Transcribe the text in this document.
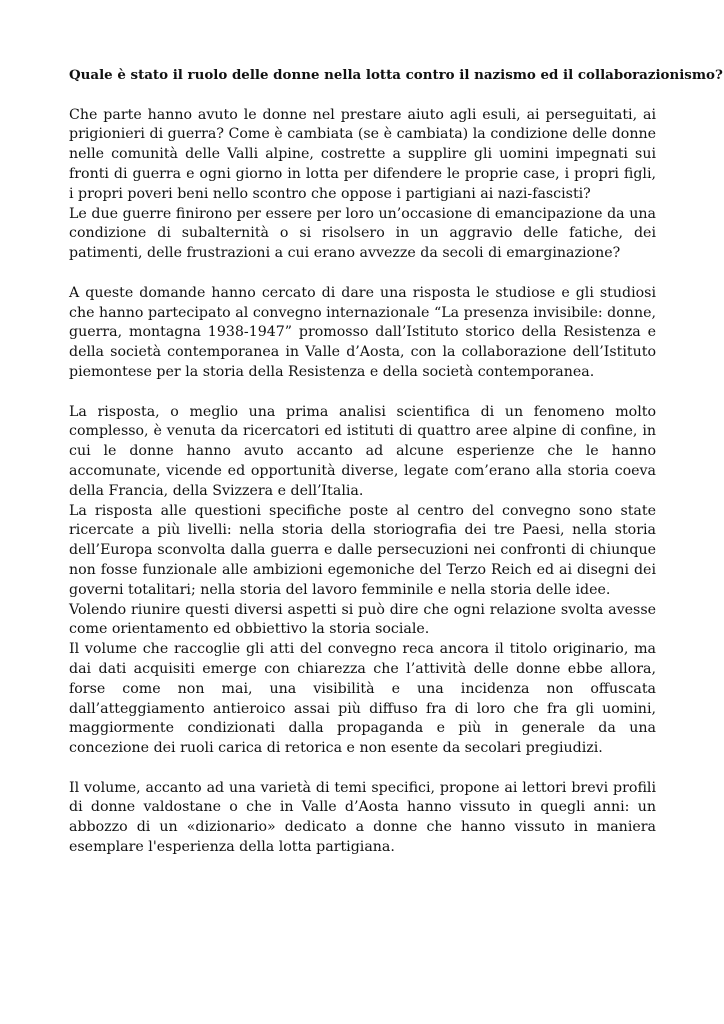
Quale è stato il ruolo delle donne nella lotta contro il nazismo ed il collaborazionismo?

Che parte hanno avuto le donne nel prestare aiuto agli esuli, ai perseguitati, ai prigionieri di guerra? Come è cambiata (se è cambiata) la condizione delle donne nelle comunità delle Valli alpine, costrette a supplire gli uomini impegnati sui fronti di guerra e ogni giorno in lotta per difendere le proprie case, i propri figli, i propri poveri beni nello scontro che oppose i partigiani ai nazi-fascisti?

Le due guerre finirono per essere per loro un’occasione di emancipazione da una condizione di subalternità o si risolsero in un aggravio delle fatiche, dei patimenti, delle frustrazioni a cui erano avvezze da secoli di emarginazione?

A queste domande hanno cercato di dare una risposta le studiose e gli studiosi che hanno partecipato al convegno internazionale “La presenza invisibile: donne, guerra, montagna 1938-1947” promosso dall’Istituto storico della Resistenza e della società contemporanea in Valle d’Aosta, con la collaborazione dell’Istituto piemontese per la storia della Resistenza e della società contemporanea.

La risposta, o meglio una prima analisi scientifica di un fenomeno molto complesso, è venuta da ricercatori ed istituti di quattro aree alpine di confine, in cui le donne hanno avuto accanto ad alcune esperienze che le hanno accomunate, vicende ed opportunità diverse, legate com’erano alla storia coeva della Francia, della Svizzera e dell’Italia.

La risposta alle questioni specifiche poste al centro del convegno sono state ricercate a più livelli: nella storia della storiografia dei tre Paesi, nella storia dell’Europa sconvolta dalla guerra e dalle persecuzioni nei confronti di chiunque non fosse funzionale alle ambizioni egemoniche del Terzo Reich ed ai disegni dei governi totalitari; nella storia del lavoro femminile e nella storia delle idee.

Volendo riunire questi diversi aspetti si può dire che ogni relazione svolta avesse come orientamento ed obbiettivo la storia sociale.

Il volume che raccoglie gli atti del convegno reca ancora il titolo originario, ma dai dati acquisiti emerge con chiarezza che l’attività delle donne ebbe allora, forse come non mai, una visibilità e una incidenza non offuscata dall’atteggiamento antieroico assai più diffuso fra di loro che fra gli uomini, maggiormente condizionati dalla propaganda e più in generale da una concezione dei ruoli carica di retorica e non esente da secolari pregiudizi.

Il volume, accanto ad una varietà di temi specifici, propone ai lettori brevi profili di donne valdostane o che in Valle d’Aosta hanno vissuto in quegli anni: un abbozzo di un «dizionario» dedicato a donne che hanno vissuto in maniera esemplare l'esperienza della lotta partigiana.
